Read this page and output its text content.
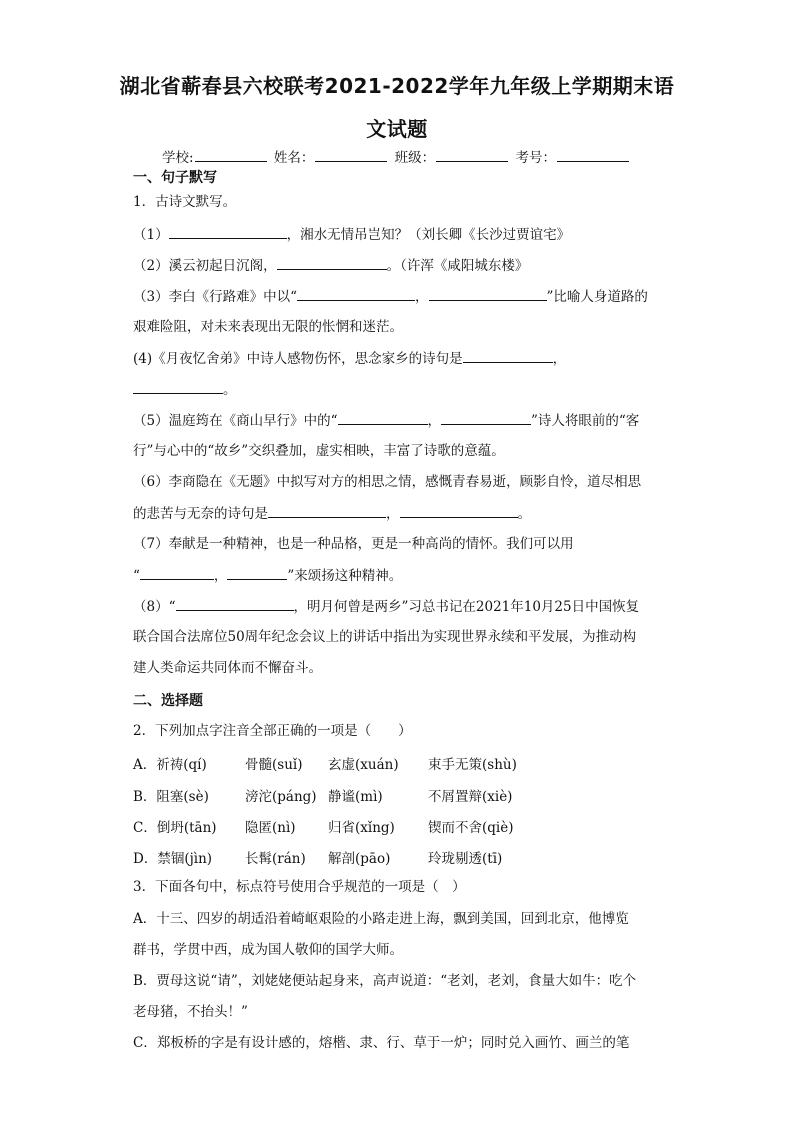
湖北省蕲春县六校联考2021-2022学年九年级上学期期末语
文试题
学校:	姓名：	班级：	考号：
一、句子默写
1．古诗文默写。
（1）	，湘水无情吊岂知？（刘长卿《长沙过贾谊宅》
（2）溪云初起日沉阁，	。（许浑《咸阳城东楼》
（3）李白《行路难》中以“	，	”比喻人身道路的
艰难险阻，对未来表现出无限的怅惘和迷茫。
(4)《月夜忆舍弟》中诗人感物伤怀，思念家乡的诗句是	，
。
（5）温庭筠在《商山早行》中的“	，	”诗人将眼前的“客
行”与心中的“故乡”交织叠加，虚实相映，丰富了诗歌的意蕴。
（6）李商隐在《无题》中拟写对方的相思之情，感慨青春易逝，顾影自怜，道尽相思
的悲苦与无奈的诗句是	，	。
（7）奉献是一种精神，也是一种品格，更是一种高尚的情怀。我们可以用
“	，	”来颂扬这种精神。
（8）“	，明月何曾是两乡”习总书记在2021年10月25日中国恢复
联合国合法席位50周年纪念会议上的讲话中指出为实现世界永续和平发展，为推动构
建人类命运共同体而不懈奋斗。
二、选择题
2．下列加点字注音全部正确的一项是（　　）
A．祈祷(qí)	骨髓(suǐ) 玄虚(xuán) 束手无策(shù)
B．阻塞(sè)	滂沱(páng) 静谧(mì)	不屑置辩(xiè)
C．倒坍(tān) 隐匿(nì) 归省(xǐng) 锲而不舍(qiè)
D．禁锢(jìn) 长髯(rán) 解剖(pāo)	玲珑剔透(tī)
3．下面各句中，标点符号使用合乎规范的一项是（　）
A．十三、四岁的胡适沿着崎岖艰险的小路走进上海，飘到美国，回到北京，他博览
群书，学贯中西，成为国人敬仰的国学大师。
B．贾母这说“请”，刘姥姥便站起身来，高声说道：“老刘，老刘，食量大如牛：吃个
老母猪，不抬头！”
C．郑板桥的字是有设计感的，熔楷、隶、行、草于一炉；同时兑入画竹、画兰的笔
